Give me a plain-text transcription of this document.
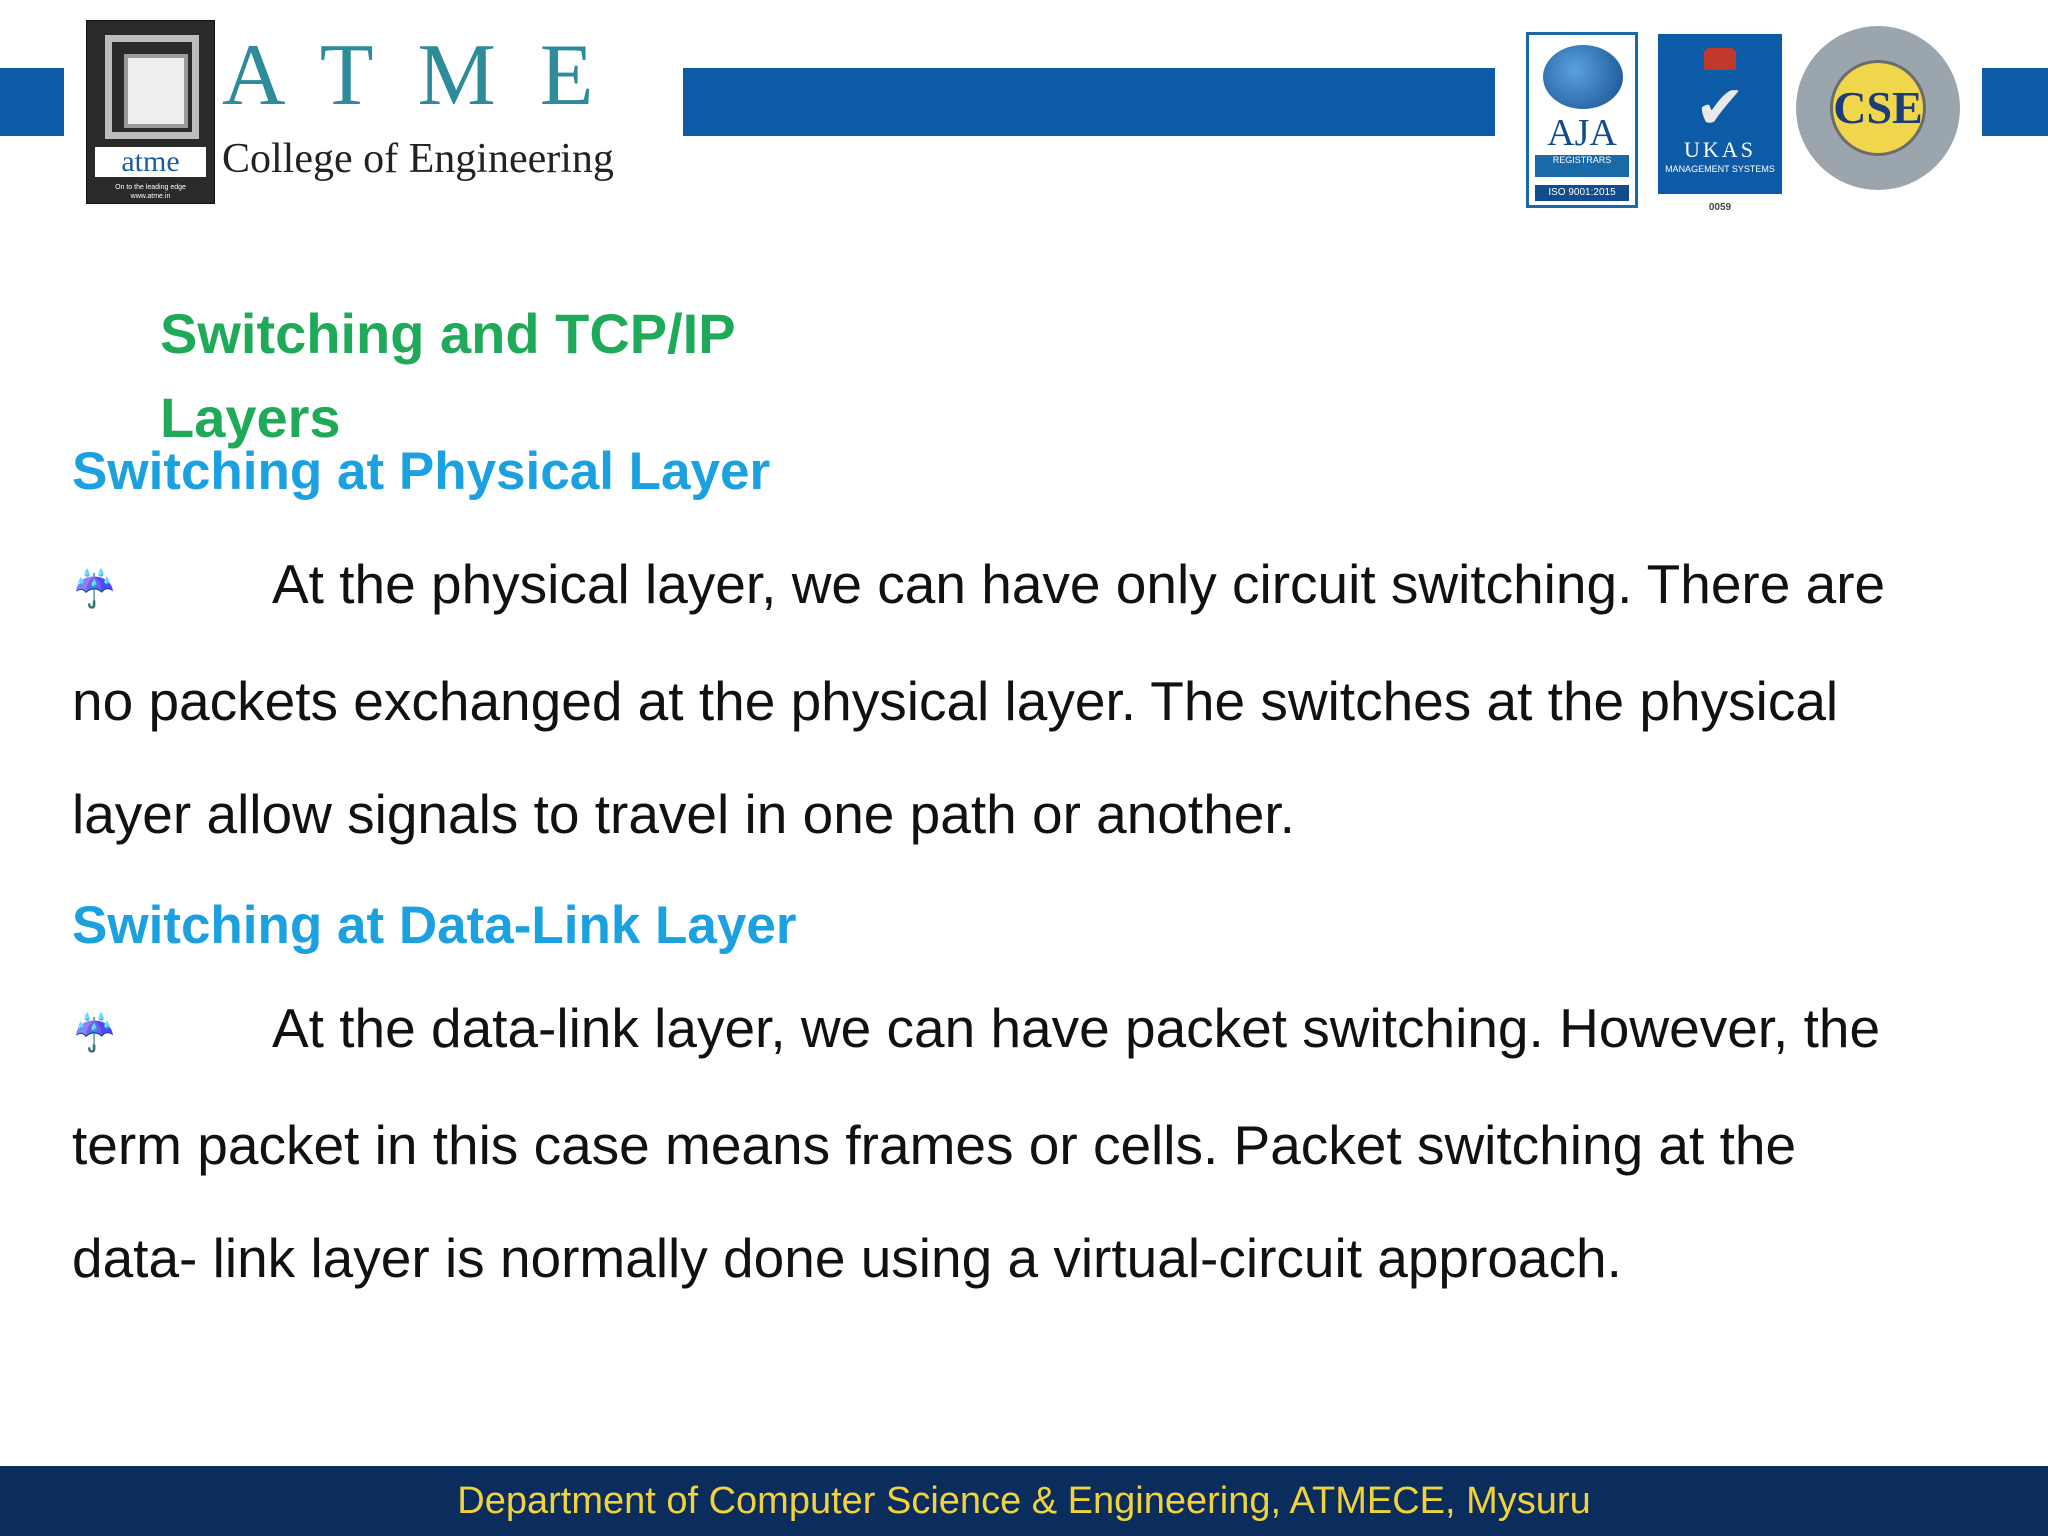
atme
On to the leading edge
www.atme.in
ATME
College of Engineering
AJA
REGISTRARS
ISO 9001:2015
✔
UKAS
MANAGEMENT SYSTEMS
0059
CSE
Switching and TCP/IP Layers
Switching at Physical Layer
☔	At the physical layer, we can have only circuit switching. There are
no packets exchanged at the physical layer. The switches at the physical
layer allow signals to travel in one path or another.
Switching at Data-Link Layer
☔	At the data-link layer, we can have packet switching. However, the
term packet in this case means frames or cells. Packet switching at the
data- link layer is normally done using a virtual-circuit approach.
Department of Computer Science & Engineering, ATMECE, Mysuru
